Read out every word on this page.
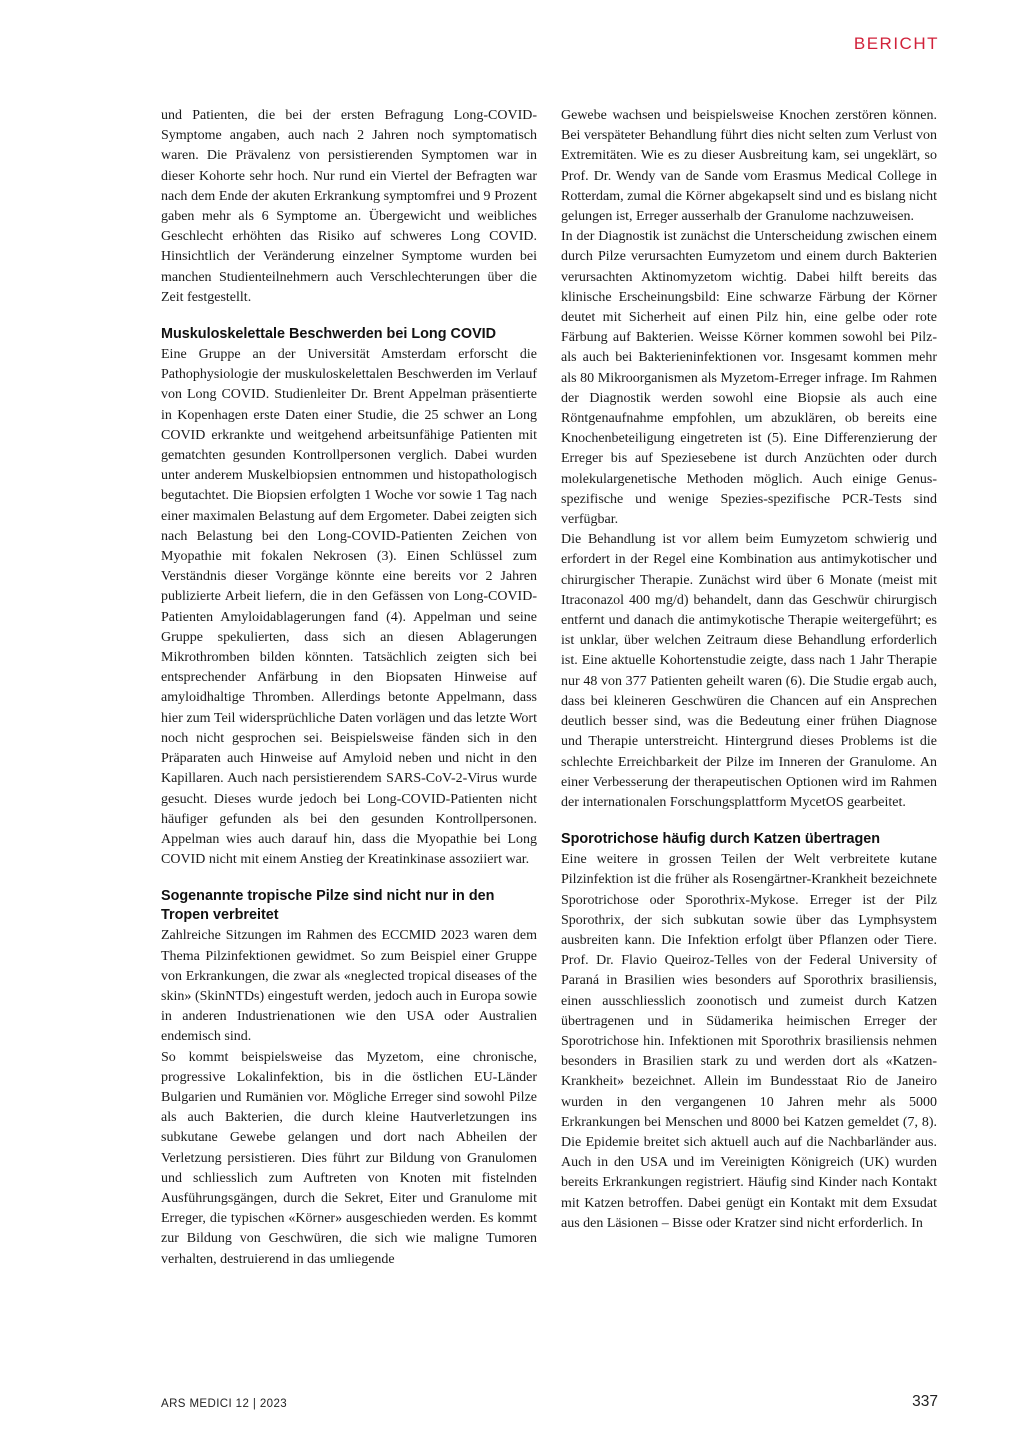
BERICHT

und Patienten, die bei der ersten Befragung Long-COVID-Symptome angaben, auch nach 2 Jahren noch symptomatisch waren. Die Prävalenz von persistierenden Symptomen war in dieser Kohorte sehr hoch. Nur rund ein Viertel der Befragten war nach dem Ende der akuten Erkrankung symptomfrei und 9 Prozent gaben mehr als 6 Symptome an. Übergewicht und weibliches Geschlecht erhöhten das Risiko auf schweres Long COVID. Hinsichtlich der Veränderung einzelner Symptome wurden bei manchen Studienteilnehmern auch Verschlechterungen über die Zeit festgestellt.

Muskuloskelettale Beschwerden bei Long COVID

Eine Gruppe an der Universität Amsterdam erforscht die Pathophysiologie der muskuloskelettalen Beschwerden im Verlauf von Long COVID. Studienleiter Dr. Brent Appelman präsentierte in Kopenhagen erste Daten einer Studie, die 25 schwer an Long COVID erkrankte und weitgehend arbeitsunfähige Patienten mit gematchten gesunden Kontrollpersonen verglich. Dabei wurden unter anderem Muskelbiopsien entnommen und histopathologisch begutachtet. Die Biopsien erfolgten 1 Woche vor sowie 1 Tag nach einer maximalen Belastung auf dem Ergometer. Dabei zeigten sich nach Belastung bei den Long-COVID-Patienten Zeichen von Myopathie mit fokalen Nekrosen (3). Einen Schlüssel zum Verständnis dieser Vorgänge könnte eine bereits vor 2 Jahren publizierte Arbeit liefern, die in den Gefässen von Long-COVID-Patienten Amyloidablagerungen fand (4). Appelman und seine Gruppe spekulierten, dass sich an diesen Ablagerungen Mikrothromben bilden könnten. Tatsächlich zeigten sich bei entsprechender Anfärbung in den Biopsaten Hinweise auf amyloidhaltige Thromben. Allerdings betonte Appelmann, dass hier zum Teil widersprüchliche Daten vorlägen und das letzte Wort noch nicht gesprochen sei. Beispielsweise fänden sich in den Präparaten auch Hinweise auf Amyloid neben und nicht in den Kapillaren. Auch nach persistierendem SARS-CoV-2-Virus wurde gesucht. Dieses wurde jedoch bei Long-COVID-Patienten nicht häufiger gefunden als bei den gesunden Kontrollpersonen. Appelman wies auch darauf hin, dass die Myopathie bei Long COVID nicht mit einem Anstieg der Kreatinkinase assoziiert war.

Sogenannte tropische Pilze sind nicht nur in den Tropen verbreitet

Zahlreiche Sitzungen im Rahmen des ECCMID 2023 waren dem Thema Pilzinfektionen gewidmet. So zum Beispiel einer Gruppe von Erkrankungen, die zwar als «neglected tropical diseases of the skin» (SkinNTDs) eingestuft werden, jedoch auch in Europa sowie in anderen Industrienationen wie den USA oder Australien endemisch sind.

So kommt beispielsweise das Myzetom, eine chronische, progressive Lokalinfektion, bis in die östlichen EU-Länder Bulgarien und Rumänien vor. Mögliche Erreger sind sowohl Pilze als auch Bakterien, die durch kleine Hautverletzungen ins subkutane Gewebe gelangen und dort nach Abheilen der Verletzung persistieren. Dies führt zur Bildung von Granulomen und schliesslich zum Auftreten von Knoten mit fistelnden Ausführungsgängen, durch die Sekret, Eiter und Granulome mit Erreger, die typischen «Körner» ausgeschieden werden. Es kommt zur Bildung von Geschwüren, die sich wie maligne Tumoren verhalten, destruierend in das umliegende

Gewebe wachsen und beispielsweise Knochen zerstören können. Bei verspäteter Behandlung führt dies nicht selten zum Verlust von Extremitäten. Wie es zu dieser Ausbreitung kam, sei ungeklärt, so Prof. Dr. Wendy van de Sande vom Erasmus Medical College in Rotterdam, zumal die Körner abgekapselt sind und es bislang nicht gelungen ist, Erreger ausserhalb der Granulome nachzuweisen.

In der Diagnostik ist zunächst die Unterscheidung zwischen einem durch Pilze verursachten Eumyzetom und einem durch Bakterien verursachten Aktinomyzetom wichtig. Dabei hilft bereits das klinische Erscheinungsbild: Eine schwarze Färbung der Körner deutet mit Sicherheit auf einen Pilz hin, eine gelbe oder rote Färbung auf Bakterien. Weisse Körner kommen sowohl bei Pilz- als auch bei Bakterieninfektionen vor. Insgesamt kommen mehr als 80 Mikroorganismen als Myzetom-Erreger infrage. Im Rahmen der Diagnostik werden sowohl eine Biopsie als auch eine Röntgenaufnahme empfohlen, um abzuklären, ob bereits eine Knochenbeteiligung eingetreten ist (5). Eine Differenzierung der Erreger bis auf Speziesebene ist durch Anzüchten oder durch molekulargenetische Methoden möglich. Auch einige Genus-spezifische und wenige Spezies-spezifische PCR-Tests sind verfügbar.

Die Behandlung ist vor allem beim Eumyzetom schwierig und erfordert in der Regel eine Kombination aus antimykotischer und chirurgischer Therapie. Zunächst wird über 6 Monate (meist mit Itraconazol 400 mg/d) behandelt, dann das Geschwür chirurgisch entfernt und danach die antimykotische Therapie weitergeführt; es ist unklar, über welchen Zeitraum diese Behandlung erforderlich ist. Eine aktuelle Kohortenstudie zeigte, dass nach 1 Jahr Therapie nur 48 von 377 Patienten geheilt waren (6). Die Studie ergab auch, dass bei kleineren Geschwüren die Chancen auf ein Ansprechen deutlich besser sind, was die Bedeutung einer frühen Diagnose und Therapie unterstreicht. Hintergrund dieses Problems ist die schlechte Erreichbarkeit der Pilze im Inneren der Granulome. An einer Verbesserung der therapeutischen Optionen wird im Rahmen der internationalen Forschungsplattform MycetOS gearbeitet.

Sporotrichose häufig durch Katzen übertragen

Eine weitere in grossen Teilen der Welt verbreitete kutane Pilzinfektion ist die früher als Rosengärtner-Krankheit bezeichnete Sporotrichose oder Sporothrix-Mykose. Erreger ist der Pilz Sporothrix, der sich subkutan sowie über das Lymphsystem ausbreiten kann. Die Infektion erfolgt über Pflanzen oder Tiere. Prof. Dr. Flavio Queiroz-Telles von der Federal University of Paraná in Brasilien wies besonders auf Sporothrix brasiliensis, einen ausschliesslich zoonotisch und zumeist durch Katzen übertragenen und in Südamerika heimischen Erreger der Sporotrichose hin. Infektionen mit Sporothrix brasiliensis nehmen besonders in Brasilien stark zu und werden dort als «Katzen-Krankheit» bezeichnet. Allein im Bundesstaat Rio de Janeiro wurden in den vergangenen 10 Jahren mehr als 5000 Erkrankungen bei Menschen und 8000 bei Katzen gemeldet (7, 8). Die Epidemie breitet sich aktuell auch auf die Nachbarländer aus. Auch in den USA und im Vereinigten Königreich (UK) wurden bereits Erkrankungen registriert. Häufig sind Kinder nach Kontakt mit Katzen betroffen. Dabei genügt ein Kontakt mit dem Exsudat aus den Läsionen – Bisse oder Kratzer sind nicht erforderlich. In

ARS MEDICI 12 | 2023	337
